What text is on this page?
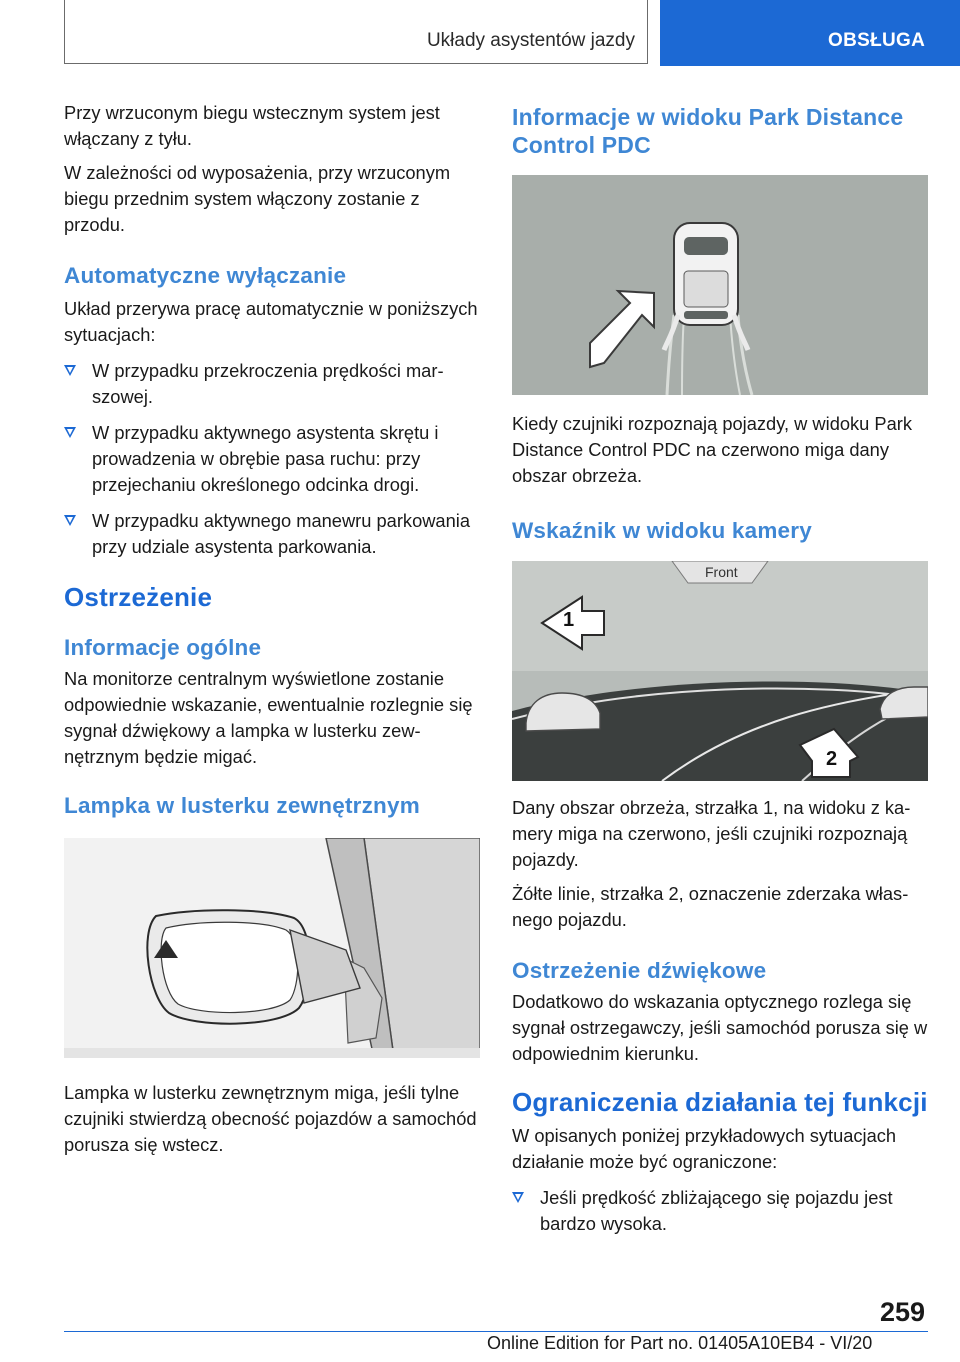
Układy asystentów jazdy	OBSŁUGA

Przy wrzuconym biegu wstecznym system jest włączany z tyłu.

W zależności od wyposażenia, przy wrzuconym biegu przednim system włączony zostanie z przodu.

Automatyczne wyłączanie

Układ przerywa pracę automatycznie w poniższych sytuacjach:

W przypadku przekroczenia prędkości marszowej.
W przypadku aktywnego asystenta skrętu i prowadzenia w obrębie pasa ruchu: przy przejechaniu określonego odcinka drogi.
W przypadku aktywnego manewru parkowania przy udziale asystenta parkowania.
Ostrzeżenie
Informacje ogólne

Na monitorze centralnym wyświetlone zostanie odpowiednie wskazanie, ewentualnie rozlegnie się sygnał dźwiękowy a lampka w lusterku zewnętrznym będzie migać.

Lampka w lusterku zewnętrznym

Lampka w lusterku zewnętrznym miga, jeśli tylne czujniki stwierdzą obecność pojazdów a samochód porusza się wstecz.

Informacje w widoku Park Distance Control PDC

Kiedy czujniki rozpoznają pojazdy, w widoku Park Distance Control PDC na czerwono miga dany obszar obrzeża.

Wskaźnik w widoku kamery
Front
1
2

Dany obszar obrzeża, strzałka 1, na widoku z kamery miga na czerwono, jeśli czujniki rozpoznają pojazdy.

Żółte linie, strzałka 2, oznaczenie zderzaka własnego pojazdu.

Ostrzeżenie dźwiękowe

Dodatkowo do wskazania optycznego rozlega się sygnał ostrzegawczy, jeśli samochód porusza się w odpowiednim kierunku.

Ograniczenia działania tej funkcji

W opisanych poniżej przykładowych sytuacjach działanie może być ograniczone:

Jeśli prędkość zbliżającego się pojazdu jest bardzo wysoka.
259
Online Edition for Part no. 01405A10EB4 - VI/20
